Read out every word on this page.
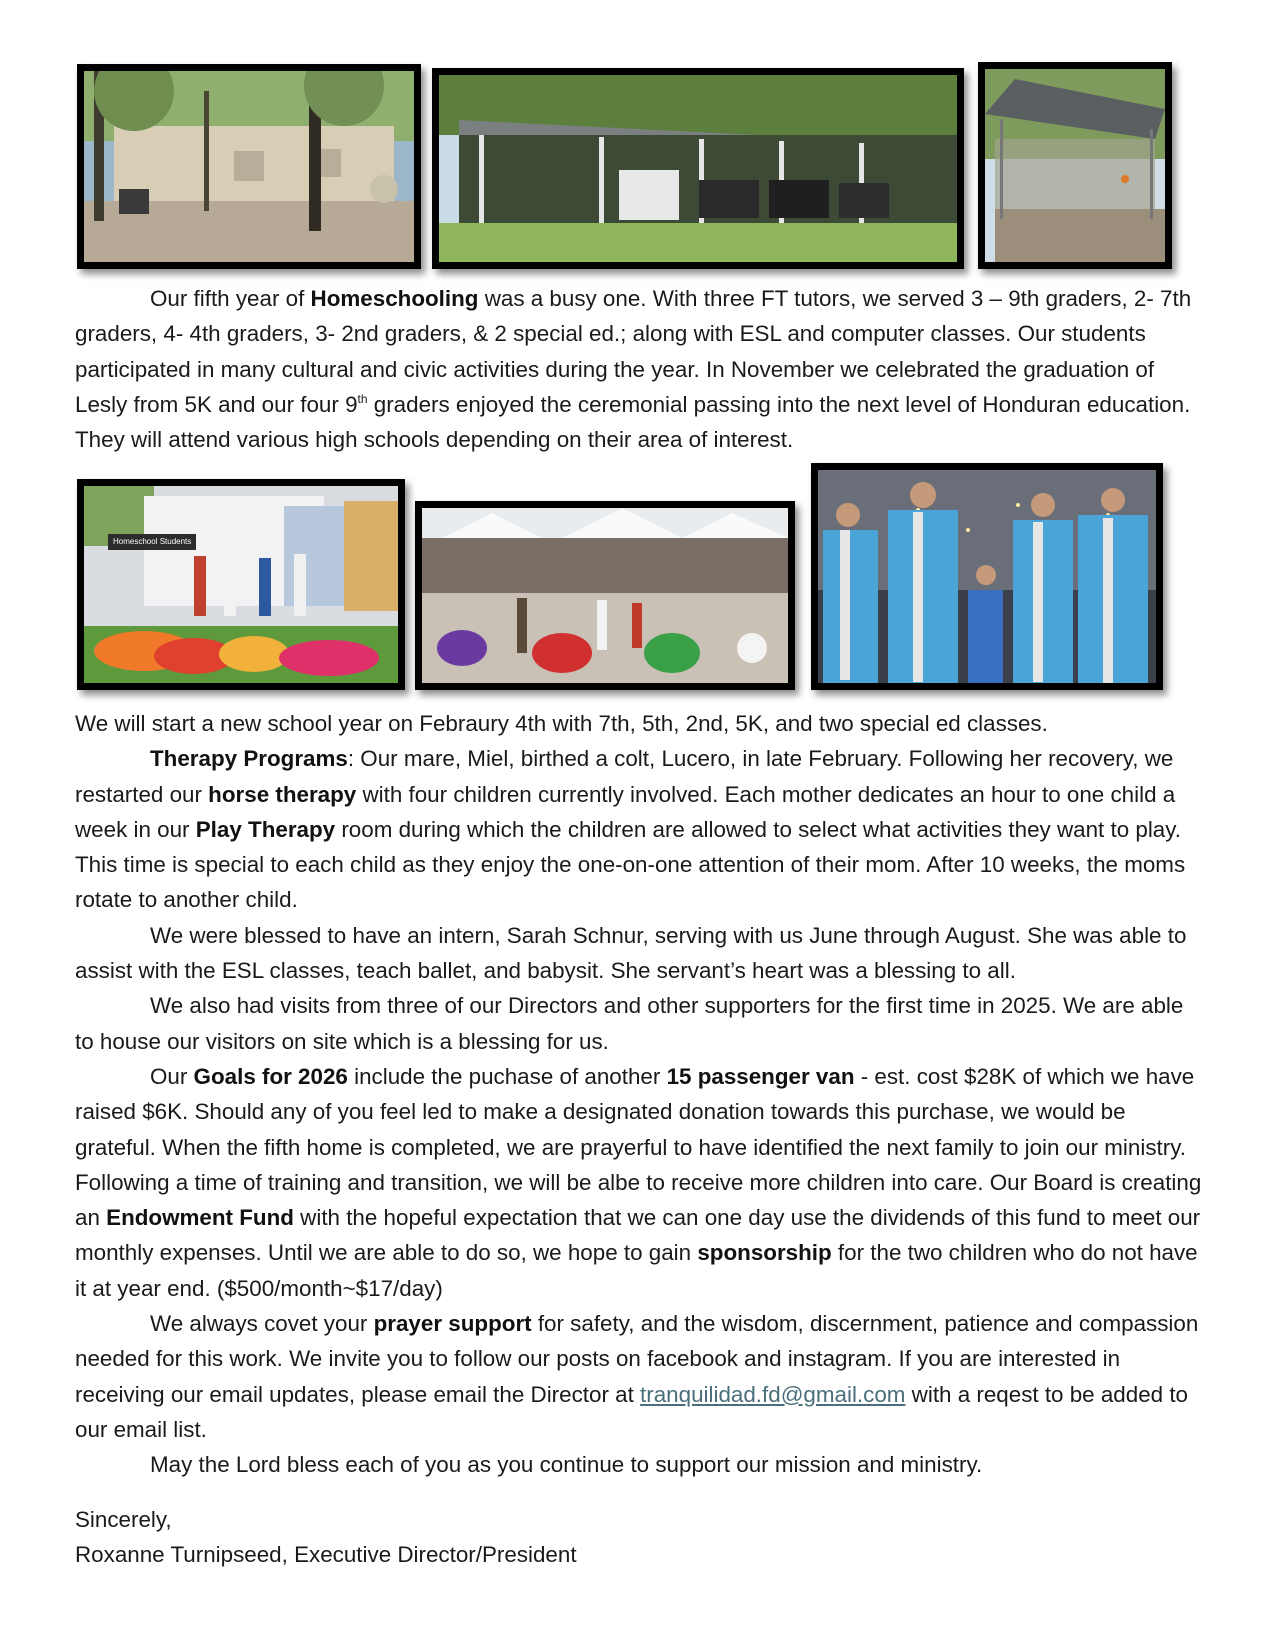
Homeschool Students

Our fifth year of Homeschooling was a busy one. With three FT tutors, we served 3 – 9th graders, 2- 7th graders, 4- 4th graders, 3- 2nd graders, & 2 special ed.; along with ESL and computer classes. Our students participated in many cultural and civic activities during the year. In November we celebrated the graduation of Lesly from 5K and our four 9th graders enjoyed the ceremonial passing into the next level of Honduran education. They will attend various high schools depending on their area of interest.

We will start a new school year on Febraury 4th with 7th, 5th, 2nd, 5K, and two special ed classes.

Therapy Programs: Our mare, Miel, birthed a colt, Lucero, in late February. Following her recovery, we restarted our horse therapy with four children currently involved. Each mother dedicates an hour to one child a week in our Play Therapy room during which the children are allowed to select what activities they want to play. This time is special to each child as they enjoy the one-on-one attention of their mom. After 10 weeks, the moms rotate to another child.

We were blessed to have an intern, Sarah Schnur, serving with us June through August. She was able to assist with the ESL classes, teach ballet, and babysit. She servant’s heart was a blessing to all.

We also had visits from three of our Directors and other supporters for the first time in 2025. We are able to house our visitors on site which is a blessing for us.

Our Goals for 2026 include the puchase of another 15 passenger van - est. cost $28K of which we have raised $6K. Should any of you feel led to make a designated donation towards this purchase, we would be grateful. When the fifth home is completed, we are prayerful to have identified the next family to join our ministry. Following a time of training and transition, we will be albe to receive more children into care. Our Board is creating an Endowment Fund with the hopeful expectation that we can one day use the dividends of this fund to meet our monthly expenses. Until we are able to do so, we hope to gain sponsorship for the two children who do not have it at year end. ($500/month~$17/day)

We always covet your prayer support for safety, and the wisdom, discernment, patience and compassion needed for this work. We invite you to follow our posts on facebook and instagram. If you are interested in receiving our email updates, please email the Director at tranquilidad.fd@gmail.com with a reqest to be added to our email list.

May the Lord bless each of you as you continue to support our mission and ministry.

Sincerely,

Roxanne Turnipseed, Executive Director/President
